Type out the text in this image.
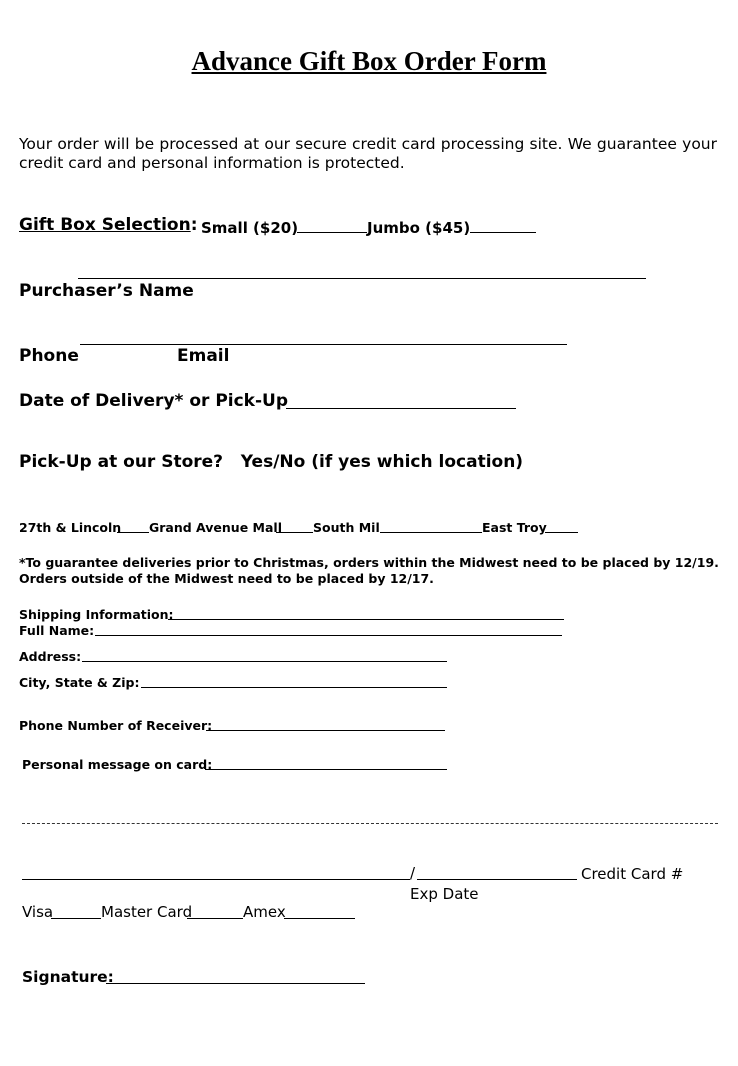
Advance Gift Box Order Form
Your order will be processed at our secure credit card processing site. We guarantee your credit card and personal information is protected.
Gift Box Selection: Small ($20)	Jumbo ($45)
Purchaser’s Name
Phone	Email
Date of Delivery* or Pick-Up
Pick-Up at our Store?   Yes/No (if yes which location)
27th & Lincoln Grand Avenue Mall South Mil	East Troy
*To guarantee deliveries prior to Christmas, orders within the Midwest need to be placed by 12/19.
Orders outside of the Midwest need to be placed by 12/17.
Shipping Information:
Full Name:
Address:
City, State & Zip:
Phone Number of Receiver:
Personal message on card:
/	Credit Card #
Exp Date
Visa	Master Card	Amex
Signature:
